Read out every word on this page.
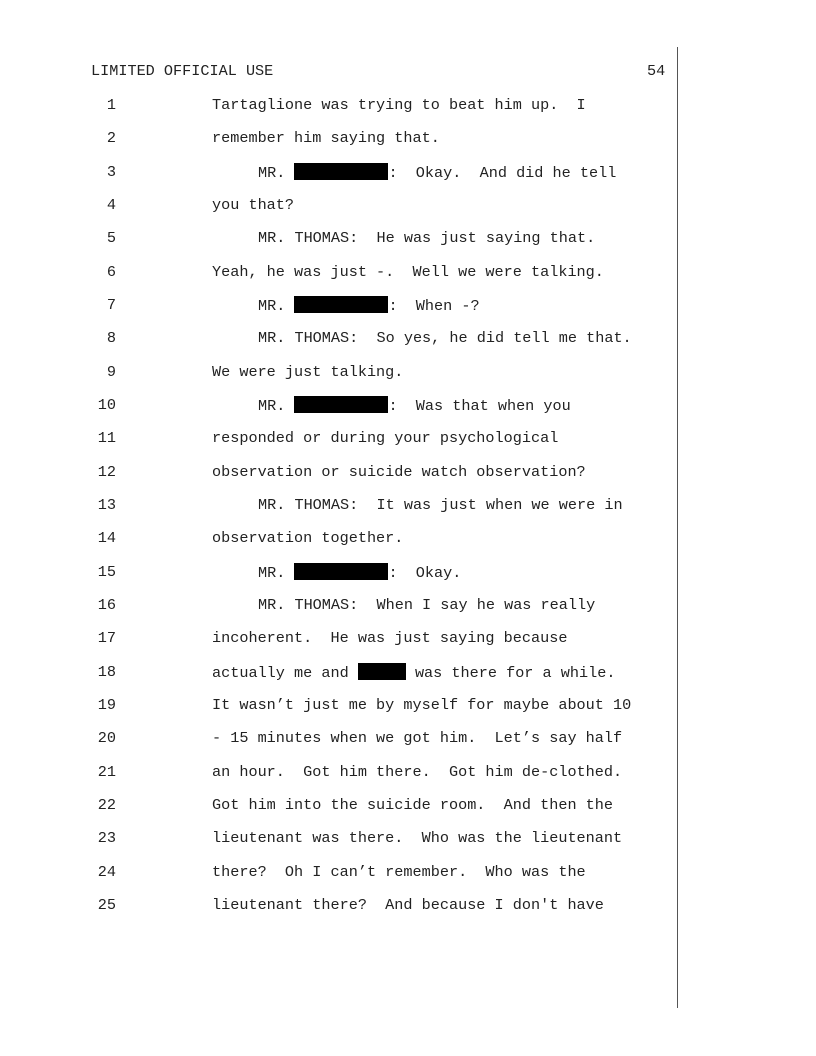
LIMITED OFFICIAL USE	54
1	Tartaglione was trying to beat him up.  I
2	remember him saying that.
3	MR.	:  Okay.  And did he tell
4	you that?
5	MR. THOMAS:  He was just saying that.
6	Yeah, he was just -.  Well we were talking.
7	MR.	:  When -?
8	MR. THOMAS:  So yes, he did tell me that.
9	We were just talking.
10	MR.	:  Was that when you
11	responded or during your psychological
12	observation or suicide watch observation?
13	MR. THOMAS:  It was just when we were in
14	observation together.
15	MR.	:  Okay.
16	MR. THOMAS:  When I say he was really
17	incoherent.  He was just saying because
18	actually me and	was there for a while.
19	It wasn’t just me by myself for maybe about 10
20	- 15 minutes when we got him.  Let’s say half
21	an hour.  Got him there.  Got him de-clothed.
22	Got him into the suicide room.  And then the
23	lieutenant was there.  Who was the lieutenant
24	there?  Oh I can’t remember.  Who was the
25	lieutenant there?  And because I don't have
